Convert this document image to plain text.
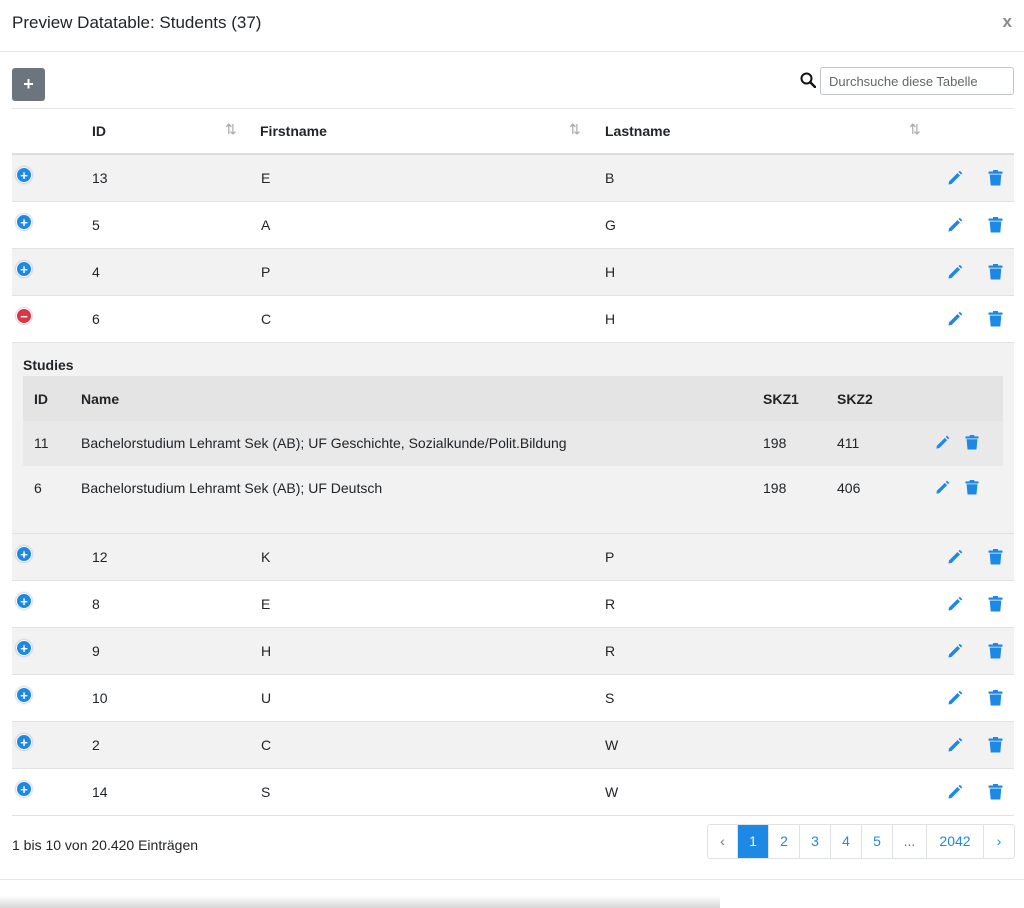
Preview Datatable: Students (37)	x
+
Durchsuche diese Tabelle
ID	⇅ Firstname	⇅ Lastname	⇅
+	13	E	B
+	5	A	G
+	4	P	H
−	6	C	H
Studies
ID Name	SKZ1	SKZ2
11 Bachelorstudium Lehramt Sek (AB); UF Geschichte, Sozialkunde/Polit.Bildung	198	411
6	Bachelorstudium Lehramt Sek (AB); UF Deutsch	198	406
+	12	K	P
+	8	E	R
+	9	H	R
+	10	U	S
+	2	C	W
+	14	S	W
1 bis 10 von 20.420 Einträgen	‹	1	2	3	4	5	...	2042	›
